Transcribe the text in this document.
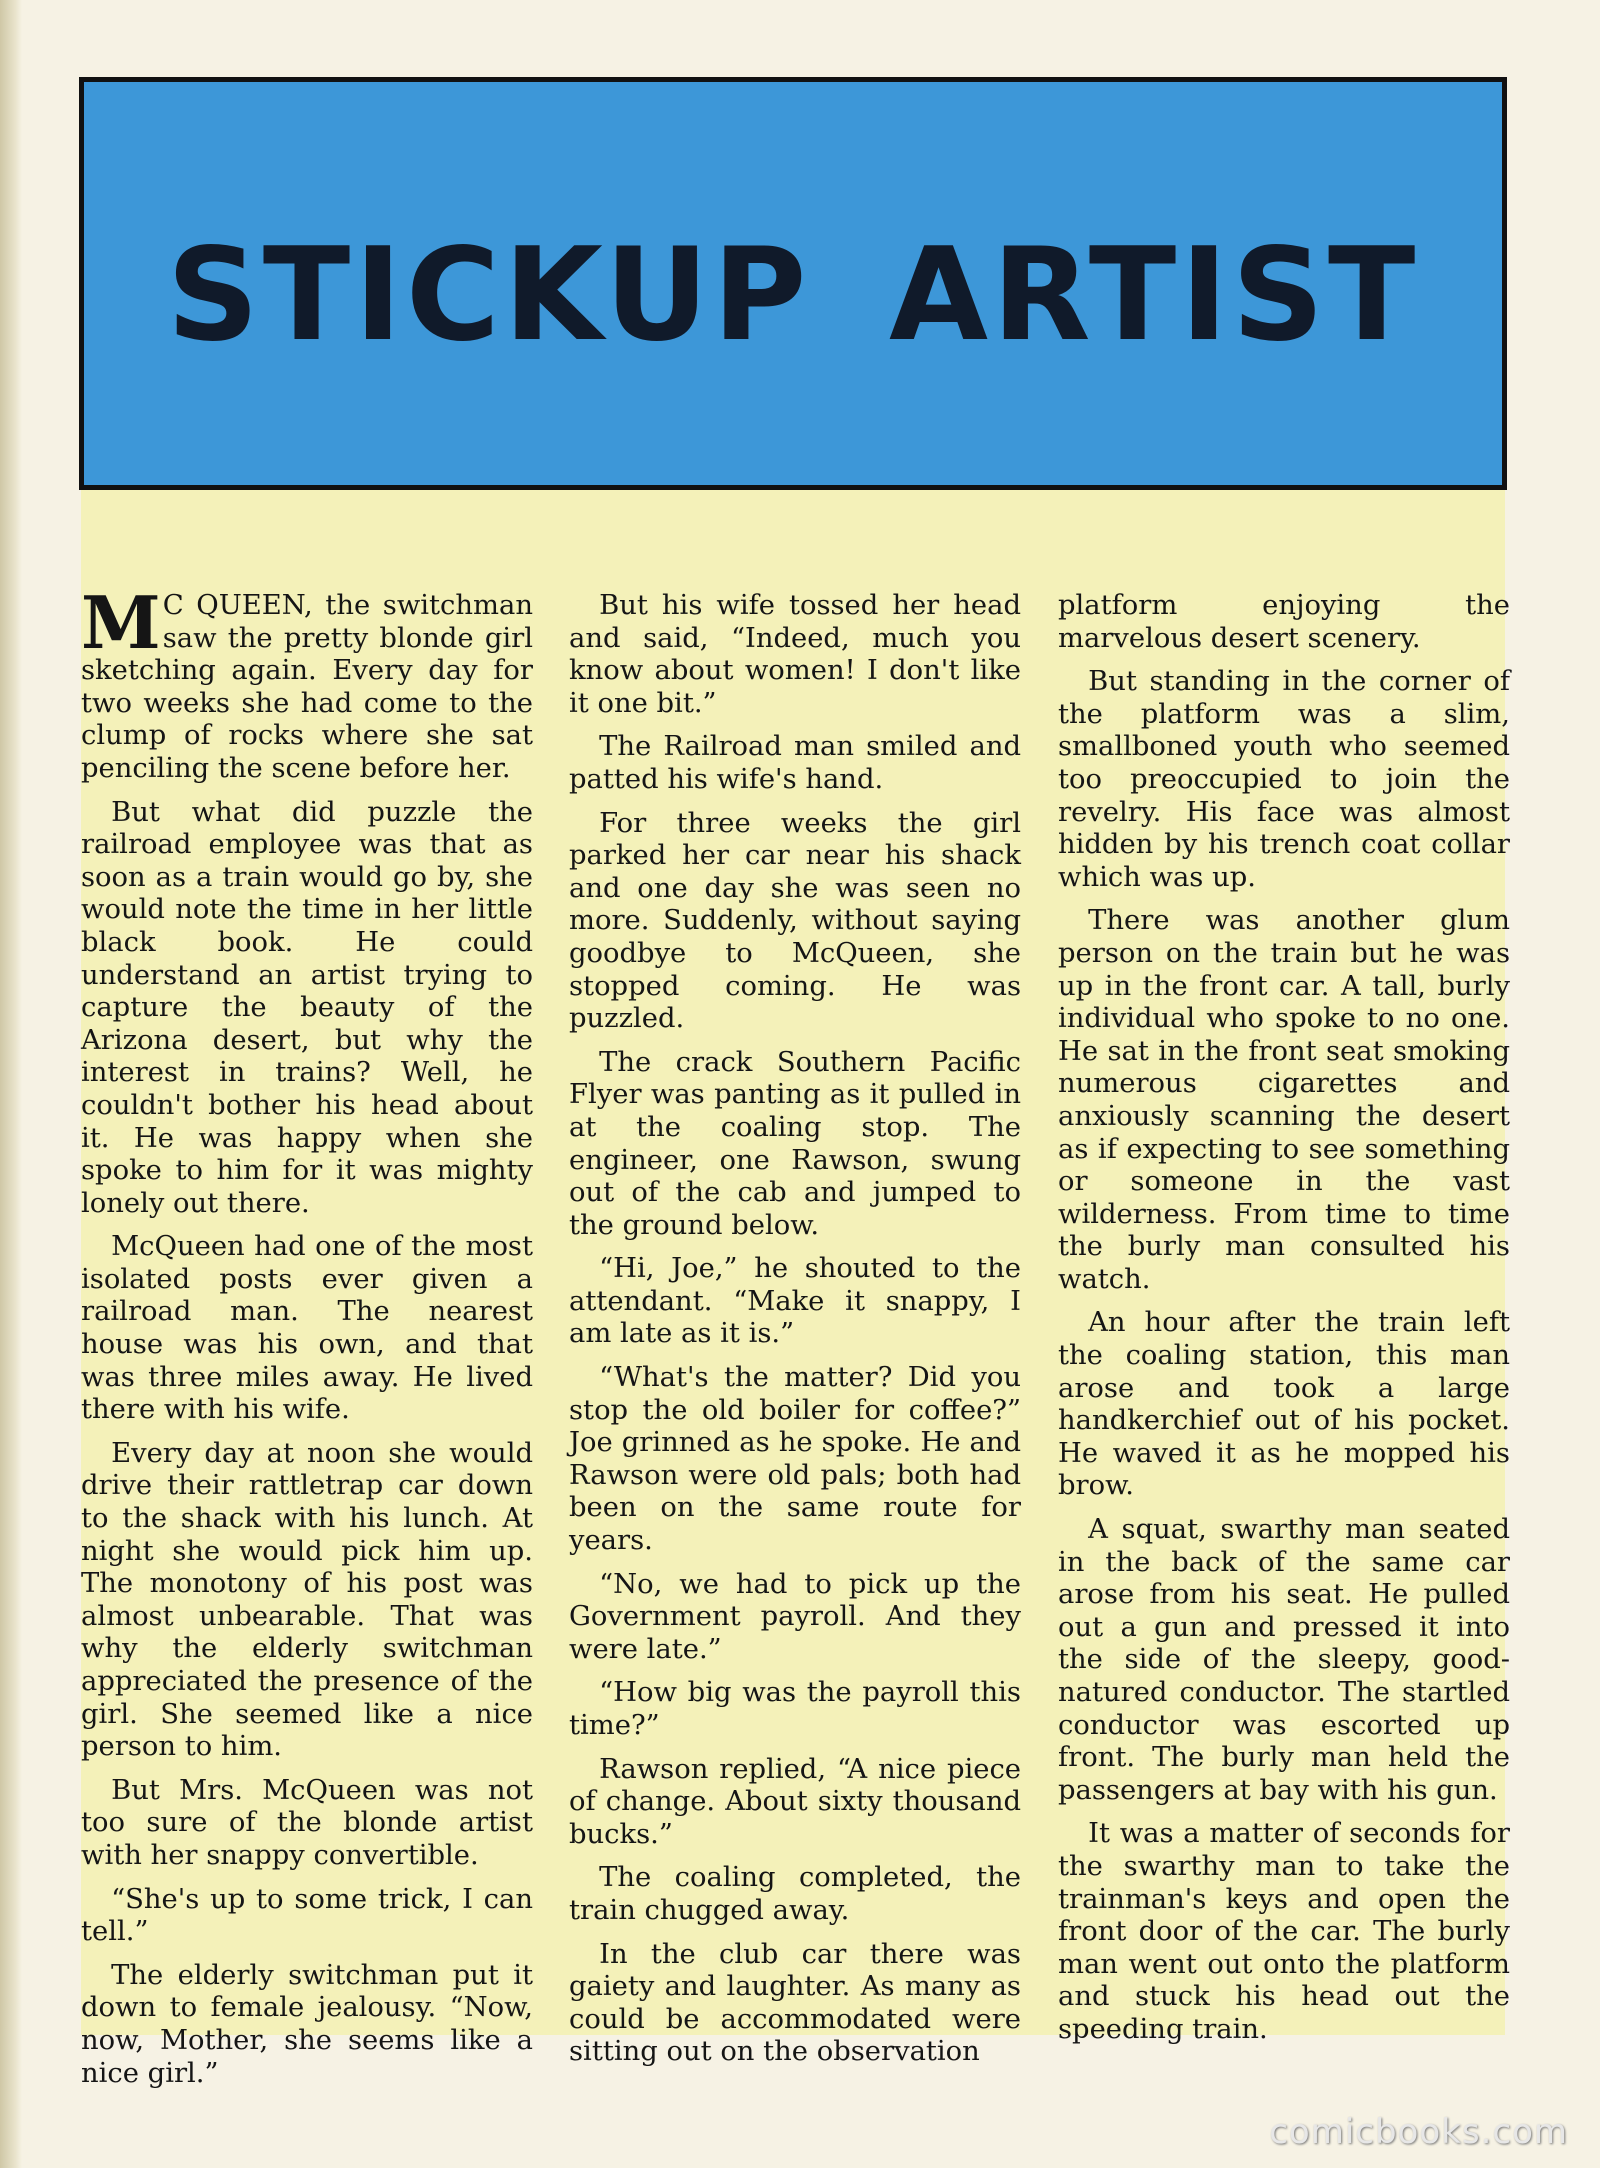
STICKUP ARTIST

M C QUEEN, the switchman saw the pretty blonde girl sketching again. Every day for two weeks she had come to the clump of rocks where she sat penciling the scene before her.

But what did puzzle the railroad employee was that as soon as a train would go by, she would note the time in her little black book. He could understand an artist trying to capture the beauty of the Arizona desert, but why the interest in trains? Well, he couldn't bother his head about it. He was happy when she spoke to him for it was mighty lonely out there.

McQueen had one of the most isolated posts ever given a railroad man. The nearest house was his own, and that was three miles away. He lived there with his wife.

Every day at noon she would drive their rattletrap car down to the shack with his lunch. At night she would pick him up. The monotony of his post was almost unbearable. That was why the elderly switchman appreciated the presence of the girl. She seemed like a nice person to him.

But Mrs. McQueen was not too sure of the blonde artist with her snappy convertible.

“She's up to some trick, I can tell.”

The elderly switchman put it down to female jealousy. “Now, now, Mother, she seems like a nice girl.”

But his wife tossed her head and said, “Indeed, much you know about women! I don't like it one bit.”

The Railroad man smiled and patted his wife's hand.

For three weeks the girl parked her car near his shack and one day she was seen no more. Suddenly, without saying goodbye to McQueen, she stopped coming. He was puzzled.

The crack Southern Pacific Flyer was panting as it pulled in at the coaling stop. The engineer, one Rawson, swung out of the cab and jumped to the ground below.

“Hi, Joe,” he shouted to the attendant. “Make it snappy, I am late as it is.”

“What's the matter? Did you stop the old boiler for coffee?” Joe grinned as he spoke. He and Rawson were old pals; both had been on the same route for years.

“No, we had to pick up the Government payroll. And they were late.”

“How big was the payroll this time?”

Rawson replied, “A nice piece of change. About sixty thousand bucks.”

The coaling completed, the train chugged away.

In the club car there was gaiety and laughter. As many as could be accommodated were sitting out on the observation

platform enjoying the marvelous desert scenery.

But standing in the corner of the platform was a slim, smallboned youth who seemed too preoccupied to join the revelry. His face was almost hidden by his trench coat collar which was up.

There was another glum person on the train but he was up in the front car. A tall, burly individual who spoke to no one. He sat in the front seat smoking numerous cigarettes and anxiously scanning the desert as if expecting to see something or someone in the vast wilderness. From time to time the burly man consulted his watch.

An hour after the train left the coaling station, this man arose and took a large handkerchief out of his pocket. He waved it as he mopped his brow.

A squat, swarthy man seated in the back of the same car arose from his seat. He pulled out a gun and pressed it into the side of the sleepy, good-natured conductor. The startled conductor was escorted up front. The burly man held the passengers at bay with his gun.

It was a matter of seconds for the swarthy man to take the trainman's keys and open the front door of the car. The burly man went out onto the platform and stuck his head out the speeding train.

comicbooks.com
